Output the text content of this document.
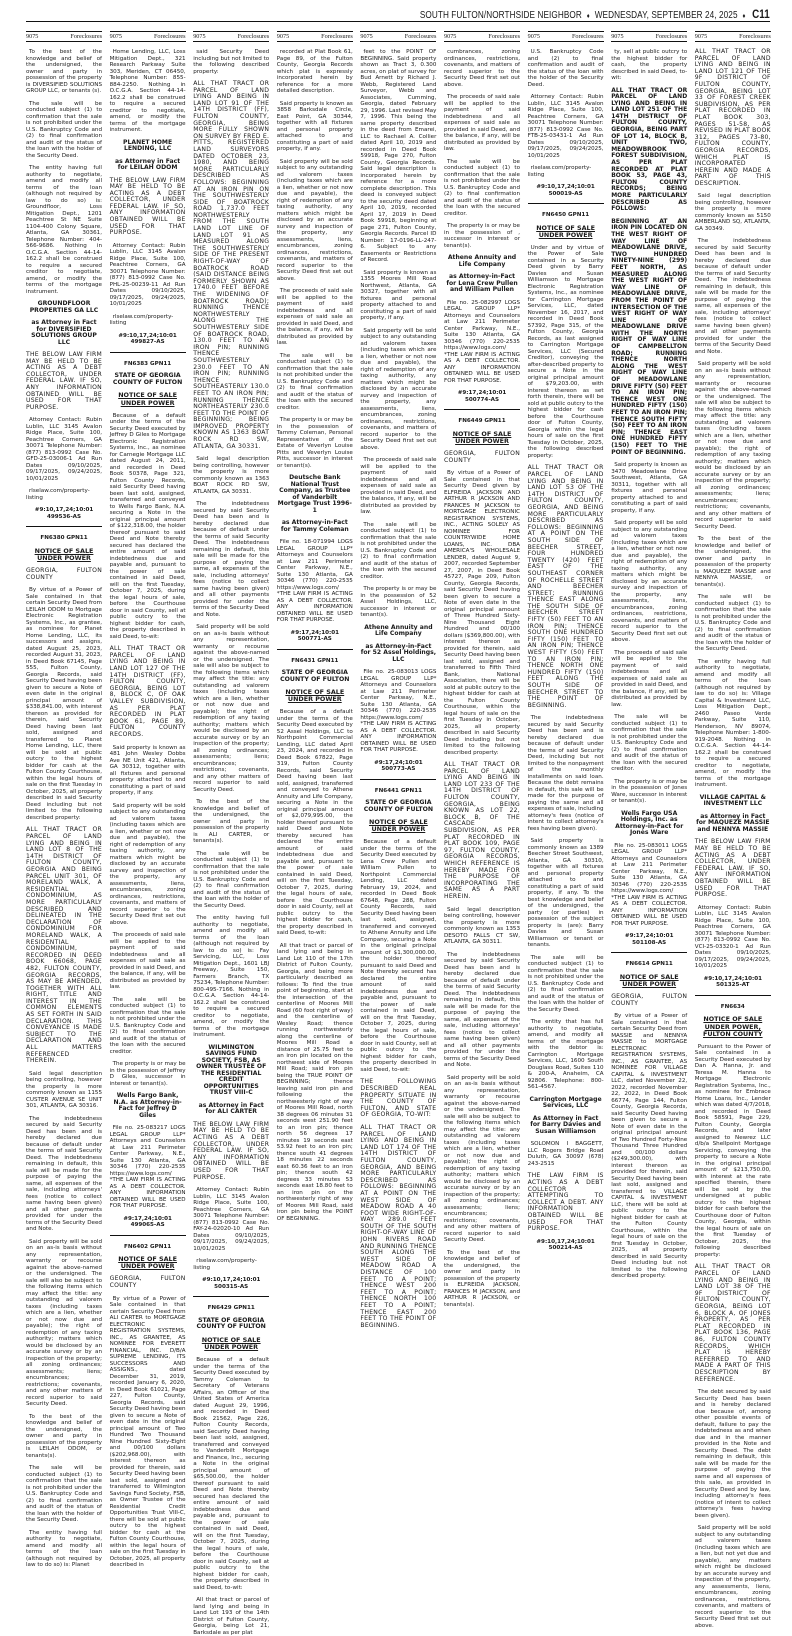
SOUTH FULTON/NORTHSIDE NEIGHBOR ♦ WEDNESDAY, SEPTEMBER 24, 2025 ♦ C11
9075	Foreclosures

To the best of the knowledge and belief of the undersigned, the owner and party in possession of the property is DIVERSIFIED SOLUTIONS GROUP LLC, or tenants (s).

The sale will be conducted subject (1) to confirmation that the sale is not prohibited under the U.S. Bankruptcy Code and (2) to final confirmation and audit of the status of the loan with the holder of the Security Deed.

The entity having full authority to negotiate, amend and modify all terms of the loan (although not required by law to do so) is: Groundfloor, Loss Mitigation Dept., 1201 Peachtree St NE Suite 1104-400 Colony Square, Atlanta, GA 30361, Telephone Number: 404-566-9686. Nothing in O.C.G.A. Section 44-14-162.2 shall be construed to require a secured creditor to negotiate, amend, or modify the terms of the mortgage instrument.

GROUNDFLOOR PROPERTIES GA LLC

as Attorney in Fact for DIVERSIFIED SOLUTIONS GROUP LLC

THE BELOW LAW FIRM MAY BE HELD TO BE ACTING AS A DEBT COLLECTOR, UNDER FEDERAL LAW. IF SO, ANY INFORMATION OBTAINED WILL BE USED FOR THAT PURPOSE.

Attorney Contact: Rubin Lublin, LLC 3145 Avalon Ridge Place, Suite 100, Peachtree Corners, GA 30071 Telephone Number: (877) 813-0992 Case No. GFD-25-03006-1 Ad Run Dates 09/10/2025, 09/17/2025, 09/24/2025, 10/01/2025

rlselaw.com/property-listing

#9:10,17,24;10:01 499536-AS

FN6380 GPN11

NOTICE OF SALE UNDER POWER

GEORGIA, FULTON COUNTY

By virtue of a Power of Sale contained in that certain Security Deed from LEILAH ODOM to Mortgage Electronic Registration Systems, Inc., as grantee, as nominee for Planet Home Lending, LLC, its successors and assigns, dated August 25, 2023, recorded August 31, 2023, in Deed Book 67145, Page 555, Fulton County, Georgia Records, said Security Deed having been given to secure a Note of even date in the original principal amount of $338,841.00, with interest thereon as provided for therein, said Security Deed having been last sold, assigned and transferred to Planet Home Lending, LLC, there will be sold at public outcry to the highest bidder for cash at the Fulton County Courthouse, within the legal hours of sale on the first Tuesday in October, 2025, all property described in said Security Deed including but not limited to the following described property:

ALL THAT TRACT OR PARCEL OF LAND LYING AND BEING IN LAND LOT 8 OF THE 14TH DISTRICT OF FULTON COUNTY, GEORGIA AND BEING PARCEL UNIT 301, OF MORELAND WALK, A RESIDENTIAL CONDOMINIUM, AS MORE PARTICULARLY DESCRIBED AND DELINEATED IN THE DECLARATION OF CONDOMINIUM FOR MORELAND WALK, A RESIDENTIAL CONDOMINIUM, RECORDED IN DEED BOOK 66068, PAGE 482, FULTON COUNTY, GEORGIA RECORDS, AS MAY BE AMENDED, TOGETHER WITH ALL RIGHT, TITLE AND INTEREST IN THE COMMON ELEMENTS AS SET FORTH IN SAID DECLARATION. THIS CONVEYANCE IS MADE SUBJECT TO THE DECLARATION AND ALL MATTERS REFERENCED THEREIN.

Said legal description being controlling, however the property is more commonly known as 1155 CUSTER AVENUE SE UNIT 301, ATLANTA, GA 30316.

The indebtedness secured by said Security Deed has been and is hereby declared due because of default under the terms of said Security Deed. The indebtedness remaining in default, this sale will be made for the purpose of paying the same, all expenses of the sale, including attorneys' fees (notice to collect same having been given) and all other payments provided for under the terms of the Security Deed and Note.

Said property will be sold on an as-is basis without any representation, warranty or recourse against the above-named or the undersigned. The sale will also be subject to the following items which may affect the title: any outstanding ad valorem taxes (including taxes which are a lien, whether or not now due and payable); the right of redemption of any taxing authority; matters which would be disclosed by an accurate survey or by an inspection of the property; all zoning ordinances; assessments; liens; encumbrances; restrictions; covenants, and any other matters of record superior to said Security Deed.

To the best of the knowledge and belief of the undersigned, the owner and party in possession of the property is LEILAH ODOM, or tenants(s).

The sale will be conducted subject (1) to confirmation that the sale is not prohibited under the U.S. Bankruptcy Code and (2) to final confirmation and audit of the status of the loan with the holder of the Security Deed.

The entity having full authority to negotiate, amend and modify all terms of the loan (although not required by law to do so) is: Planet

9075	Foreclosures

Home Lending, LLC, Loss Mitigation Dept., 321 Research Parkway Suite 303, Meriden, CT 06450, Telephone Number: 855-884-2250. Nothing in O.C.G.A. Section 44-14-162.2 shall be construed to require a secured creditor to negotiate, amend, or modify the terms of the mortgage instrument.

PLANET HOME LENDING, LLC

as Attorney in Fact for LEILAH ODOM

THE BELOW LAW FIRM MAY BE HELD TO BE ACTING AS A DEBT COLLECTOR, UNDER FEDERAL LAW. IF SO, ANY INFORMATION OBTAINED WILL BE USED FOR THAT PURPOSE.

Attorney Contact: Rubin Lublin, LLC 3145 Avalon Ridge Place, Suite 100, Peachtree Corners, GA 30071 Telephone Number: (877) 813-0992 Case No. PHL-25-00239-11 Ad Run Dates 09/10/2025, 09/17/2025, 09/24/2025, 10/01/2025

rlselaw.com/property-listing

#9:10,17,24;10:01 499827-AS

FN6383 GPN11

STATE OF GEORGIA COUNTY OF FULTON

NOTICE OF SALE UNDER POWER

Because of a default under the terms of the Security Deed executed by Jeffrey D Giles to Mortgage Electronic Registration Systems, Inc., as nominee for Carnegie Mortgage LLC dated August 24, 2011, and recorded in Deed Book 50378, Page 321, Fulton County Records, said Security Deed having been last sold, assigned, transferred and conveyed to Wells Fargo Bank, N.A. securing a Note in the original principal amount of $122,318.00, the holder thereof pursuant to said Deed and Note thereby secured has declared the entire amount of said indebtedness due and payable and, pursuant to the power of sale contained in said Deed, will on the first Tuesday, October 7, 2025, during the legal hours of sale, before the Courthouse door in said County, sell at public outcry to the highest bidder for cash, the property described in said Deed, to-wit:

ALL THAT TRACT OR PARCEL OF LAND LYING AND BEING IN LAND LOT 127 OF THE 14TH DISTRICT (FF), FULTON COUNTY, GEORGIA, BEING LOT 8, BLOCK C, OF OAK VALLEY SUBDIVISION, AS PER PLAT RECORDED IN PLAT BOOK 61, PAGE 89, FULTON COUNTY RECORDS.

Said property is known as 481 John Wesley Dobbs Ave NE Unit 421, Atlanta, GA 30312, together with all fixtures and personal property attached to and constituting a part of said property, if any.

Said property will be sold subject to any outstanding ad valorem taxes (including taxes which are a lien, whether or not now due and payable), the right of redemption of any taxing authority, any matters which might be disclosed by an accurate survey and inspection of the property, any assessments, liens, encumbrances, zoning ordinances, restrictions, covenants, and matters of record superior to the Security Deed first set out above.

The proceeds of said sale will be applied to the payment of said indebtedness and all expenses of said sale as provided in said Deed, and the balance, if any, will be distributed as provided by law.

The sale will be conducted subject (1) to confirmation that the sale is not prohibited under the U.S. Bankruptcy Code and (2) to final confirmation and audit of the status of the loan with the secured creditor.

The property is or may be in the possession of Jeffrey D Giles, successor in interest or tenant(s).

Wells Fargo Bank, N.A. as Attorney-in-Fact for Jeffrey D Giles

File no. 25-083217 LOGS LEGAL GROUP LLP* Attorneys and Counselors at Law 211 Perimeter Center Parkway, N.E., Suite 130 Atlanta, GA 30346 (770) 220-2535 https://www.logs.com/ *THE LAW FIRM IS ACTING AS A DEBT COLLECTOR. ANY INFORMATION OBTAINED WILL BE USED FOR THAT PURPOSE.

#9:17,24;10:01 499065-AS

FN6402 GPN11

NOTICE OF SALE UNDER POWER

GEORGIA, FULTON COUNTY

By virtue of a Power of Sale contained in that certain Security Deed from ALI CARTER to MORTGAGE ELECTRONIC REGISTRATION SYSTEMS, INC., AS GRANTEE, AS NOMINEE FOR EVERETT FINANCIAL, INC. D/B/A SUPREME LENDING, ITS SUCCESSORS AND ASSIGNS., dated December 31, 2019, recorded January 6, 2020, in Deed Book 61021, Page 227, Fulton County, Georgia Records, said Security Deed having been given to secure a Note of even date in the original principal amount of Two Hundred Two Thousand Nine Hundred Sixty-Eight and 00/100 dollars ($202,968.00), with interest thereon as provided for therein, said Security Deed having been last sold, assigned and transferred to Wilmington Savings Fund Society, FSB, as Owner Trustee of the Residential Credit Opportunities Trust VIII-C, there will be sold at public outcry to the highest bidder for cash at the Fulton County Courthouse, within the legal hours of sale on the first Tuesday in October, 2025, all property described in

9075	Foreclosures

said Security Deed including but not limited to the following described property:

ALL THAT TRACT OR PARCEL OF LAND LYING AND BEING IN LAND LOT 91 OF THE 14TH DISTRICT (FF), FULTON COUNTY, GEORGIA, BEING MORE FULLY SHOWN ON SURVEY BY FRED E. PITTS, REGISTERED LAND SURVEYORS DATED OCTOBER 23, 1980, AND BEING MORE PARTICULARLY DESCRIBED AS FOLLOWS: BEGINNING AT AN IRON PIN ON THE SOUTHWESTERLY SIDE OF BOATROCK ROAD 1,737.0 FEET NORTHWESTERLY FROM THE SOUTH LAND LOT LINE OF LAND LOT 91 AS MEASURED ALONG THE SOUTHWESTERLY SIDE OF THE PRESENT RIGHT-OF-WAY OF BOATROCK ROAD (SAID DISTANCE BEING FORMERLY SHOWN AS 1740.0 FEET BEFORE THE WIDENING OF BOATROCK ROAD); RUNNING THENCE NORTHWESTERLY ALONG THE SOUTHWESTERLY SIDE OF BOATROCK ROAD, 130.0 FEET TO AN IRON PIN; RUNNING THENCE SOUTHWESTERLY 230.0 FEET TO AN IRON PIN; RUNNING THENCE SOUTHEASTERLY 130.0 FEET TO AN IRON PIN; RUNNING THENCE NORTHEASTERLY 230.0 FEET TO THE POINT OF BEGINNING; BEING IMPROVED PROPERTY KNOWN AS 1363 BOAT ROCK RD SW, ATLANTA, GA 30331.

Said legal description being controlling, however the property is more commonly known as 1363 BOAT ROCK RD SW, ATLANTA, GA 30331.

The indebtedness secured by said Security Deed has been and is hereby declared due because of default under the terms of said Security Deed. The indebtedness remaining in default, this sale will be made for the purpose of paying the same, all expenses of the sale, including attorneys' fees (notice to collect same having been given) and all other payments provided for under the terms of the Security Deed and Note.

Said property will be sold on an as-is basis without any representation, warranty or recourse against the above-named or the undersigned. The sale will also be subject to the following items which may affect the title: any outstanding ad valorem taxes (including taxes which are a lien, whether or not now due and payable); the right of redemption of any taxing authority; matters which would be disclosed by an accurate survey or by an inspection of the property; all zoning ordinances; assessments; liens; encumbrances; restrictions; covenants, and any other matters of record superior to said Security Deed.

To the best of the knowledge and belief of the undersigned, the owner and party in possession of the property is ALI CARTER, or tenants(s).

The sale will be conducted subject (1) to confirmation that the sale is not prohibited under the U.S. Bankruptcy Code and (2) to final confirmation and audit of the status of the loan with the holder of the Security Deed.

The entity having full authority to negotiate, amend and modify all terms of the loan (although not required by law to do so) is: Fay Servicing, LLC, Loss Mitigation Dept., 1601 LBJ Freeway, Suite 150, Farmers Branch, TX 75234, Telephone Number: 800-495-7166. Nothing in O.C.G.A. Section 44-14-162.2 shall be construed to require a secured creditor to negotiate, amend, or modify the terms of the mortgage instrument.

WILMINGTON SAVINGS FUND SOCIETY, FSB, AS OWNER TRUSTEE OF THE RESIDENTIAL CREDIT OPPORTUNITIES TRUST VIII-C

as Attorney in Fact for ALI CARTER

THE BELOW LAW FIRM MAY BE HELD TO BE ACTING AS A DEBT COLLECTOR, UNDER FEDERAL LAW. IF SO, ANY INFORMATION OBTAINED WILL BE USED FOR THAT PURPOSE.

Attorney Contact: Rubin Lublin, LLC 3145 Avalon Ridge Place, Suite 100, Peachtree Corners, GA 30071 Telephone Number: (877) 813-0992 Case No. FAY-24-02020-10 Ad Run Dates 09/10/2025, 09/17/2025, 09/24/2025, 10/01/2025

rlselaw.com/property-listing

#9:10,17,24;10:01 500315-AS

FN6429 GPN11

STATE OF GEORGIA COUNTY OF FULTON

NOTICE OF SALE UNDER POWER

Because of a default under the terms of the Security Deed executed by Tammy Coleman to Secretary of Veterans Affairs, an Officer of the United States of America dated August 29, 1996, and recorded in Deed Book 21562, Page 226, Fulton County Records, said Security Deed having been last sold, assigned, transferred and conveyed to Vanderbilt Mortgage and Finance, Inc., securing a Note in the original principal amount of $65,500.00, the holder thereof pursuant to said Deed and Note thereby secured has declared the entire amount of said indebtedness due and payable and, pursuant to the power of sale contained in said Deed, will on the first Tuesday, October 7, 2025, during the legal hours of sale, before the Courthouse door in said County, sell at public outcry to the highest bidder for cash, the property described in said Deed, to-wit:

All that tract or parcel of land lying and being in Land Lot 193 of the 14th District of Fulton County, Georgia, being Lot 21, Barksdale as per plat

9075	Foreclosures

recorded at Plat Book 61, Page 89, of the Fulton County, Georgia Records which plat is expressly incorporated herein by reference for a more detailed description.

Said property is known as 3858 Barksdale Circle, East Point, GA 30344, together with all fixtures and personal property attached to and constituting a part of said property, if any.

Said property will be sold subject to any outstanding ad valorem taxes (including taxes which are a lien, whether or not now due and payable), the right of redemption of any taxing authority, any matters which might be disclosed by an accurate survey and inspection of the property, any assessments, liens, encumbrances, zoning ordinances, restrictions, covenants, and matters of record superior to the Security Deed first set out above.

The proceeds of said sale will be applied to the payment of said indebtedness and all expenses of said sale as provided in said Deed, and the balance, if any, will be distributed as provided by law.

The sale will be conducted subject (1) to confirmation that the sale is not prohibited under the U.S. Bankruptcy Code and (2) to final confirmation and audit of the status of the loan with the secured creditor.

The property is or may be in the possession of Tammy Coleman, Personal Representative of the Estate of Veverlyn Louise Pitts and Veverlyn Louise Pitts, successor in interest or tenant(s).

Deutsche Bank National Trust Company, as Trustee of Vanderbilt Mortgage Trust 1996-1

as Attorney-in-Fact for Tammy Coleman

File no. 18-071994 LOGS LEGAL GROUP LLP* Attorneys and Counselors at Law 211 Perimeter Center Parkway, N.E., Suite 130 Atlanta, GA 30346 (770) 220-2535 https://www.logs.com/ *THE LAW FIRM IS ACTING AS A DEBT COLLECTOR. ANY INFORMATION OBTAINED WILL BE USED FOR THAT PURPOSE.

#9:17,24;10:01 500771-AS

FN6431 GPN11

STATE OF GEORGIA COUNTY OF FULTON

NOTICE OF SALE UNDER POWER

Because of a default under the terms of the Security Deed executed by 52 Assel Holdings, LLC to Northpoint Commercial Lending, LLC dated April 23, 2024, and recorded in Deed Book 67822, Page 319, Fulton County Records, said Security Deed having been last sold, assigned, transferred and conveyed to Athene Annuity and Life Company, securing a Note in the original principal amount of $2,079,995.00, the holder thereof pursuant to said Deed and Note thereby secured has declared the entire amount of said indebtedness due and payable and, pursuant to the power of sale contained in said Deed, will on the first Tuesday, October 7, 2025, during the legal hours of sale, before the Courthouse door in said County, sell at public outcry to the highest bidder for cash, the property described in said Deed, to-wit:

All that tract or parcel of land lying and being in Land Lot 110 of the 17th District of Fulton County, Georgia, and being more particularly described as follows: To find the true point of beginning, start at the intersection of the centerline of Moores Mill Road (60 foot right of way) and the centerline of Wesley Road; thence running northwesterly along the centerline of Moores Mill Road a distance of 25.75 feet to an iron pin located on the northwest side of Moores Mill Road; said iron pin being the TRUE POINT OF BEGINNING; thence leaving said iron pin and following the northwesterly right of way of Moores Mill Road, north 38 degrees 06 minutes 31 seconds west 251.90 feet to an iron pin; thence north 56 degrees 17 minutes 19 seconds east 53.92 feet to an iron pin; thence south 41 degrees 18 minutes 22 seconds east 60.36 feet to an iron pin; thence south 42 degrees 33 minutes 53 seconds east 18.80 feet to an iron pin on the northwesterly right of way of Moores Mill Road, said iron pin being the POINT OF BEGINNING.

9075	Foreclosures

feet to the POINT OF BEGINNING. Said property shown as Tract 3, 0.300 acres, on plat of survey for Bud Arnett by Richard J. Webb, Registered Land Surveyor, Webb and Associates, Cumming, Georgia, dated February 29, 1996. Last revised May 7, 1996. This being the same property described in the deed from Emarei, LLC to Rachael A. Collier dated April 10, 2019 and recorded in Deed Book 59918, Page 270, Fulton County, Georgia Records. Said legal description is incorporated herein by reference for a more complete description. This deed is conveyed subject to the security deed dated April 10, 2019, recorded April 17, 2019 in Deed Book 59918, beginning at page 271, Fulton County, Georgia Records. Parcel ID Number: 17-0196-LL-247-6. Subject to any Easements or Restrictions of Record.

Said property is known as 1355 Moores Mill Road Northwest, Atlanta, GA 30327, together with all fixtures and personal property attached to and constituting a part of said property, if any.

Said property will be sold subject to any outstanding ad valorem taxes (including taxes which are a lien, whether or not now due and payable), the right of redemption of any taxing authority, any matters which might be disclosed by an accurate survey and inspection of the property, any assessments, liens, encumbrances, zoning ordinances, restrictions, covenants, and matters of record superior to the Security Deed first set out above.

The proceeds of said sale will be applied to the payment of said indebtedness and all expenses of said sale as provided in said Deed, and the balance, if any, will be distributed as provided by law.

The sale will be conducted subject (1) to confirmation that the sale is not prohibited under the U.S. Bankruptcy Code and (2) to final confirmation and audit of the status of the loan with the secured creditor.

The property is or may be in the possession of 52 Assel Holdings, LLC, successor in interest or tenant(s).

Athene Annuity and Life Company

as Attorney-in-Fact for 52 Assel Holdings, LLC

File no. 25-083013 LOGS LEGAL GROUP LLP* Attorneys and Counselors at Law 211 Perimeter Center Parkway, N.E., Suite 130 Atlanta, GA 30346 (770) 220-2535 https://www.logs.com/ *THE LAW FIRM IS ACTING AS A DEBT COLLECTOR. ANY INFORMATION OBTAINED WILL BE USED FOR THAT PURPOSE.

#9:17,24;10:01 500773-AS

FN6441 GPN11

STATE OF GEORGIA COUNTY OF FULTON

NOTICE OF SALE UNDER POWER

Because of a default under the terms of the Security Deed executed by Lena Crew Pullen and William Pullen to Northpoint Commercial Lending, LLC dated February 19, 2024, and recorded in Deed Book 67648, Page 288, Fulton County Records, said Security Deed having been last sold, assigned, transferred and conveyed to Athene Annuity and Life Company, securing a Note in the original principal amount of $1,300,000.00, the holder thereof pursuant to said Deed and Note thereby secured has declared the entire amount of said indebtedness due and payable and, pursuant to the power of sale contained in said Deed, will on the first Tuesday, October 7, 2025, during the legal hours of sale, before the Courthouse door in said County, sell at public outcry to the highest bidder for cash, the property described in said Deed, to-wit:

THE FOLLOWING DESCRIBED REAL PROPERTY SITUATE IN THE COUNTY OF FULTON, AND STATE OF GEORGIA, TO-WIT:

ALL THAT TRACT OR PARCEL OF LAND LYING AND BEING IN LAND LOT 174 OF THE 14TH DISTRICT OF FULTON COUNTY, GEORGIA, AND BEING MORE PARTICULARLY DESCRIBED AS FOLLOWS: BEGINNING AT A POINT ON THE WEST SIDE OF MEADOW ROAD A 40 FOOT WIDE RIGHT-OF-WAY 289.0 FEET SOUTH OF THE SOUTH RIGHT-OF-WAY LINE OF JOHN RIVERS ROAD AND RUNNING THENCE SOUTH ALONG THE WEST SIDE OF MEADOW ROAD A DISTANCE OF 100 FEET TO A POINT; THENCE WEST 200 FEET TO A POINT; THENCE NORTH 100 FEET TO A POINT; THENCE EAST 200 FEET TO THE POINT OF BEGINNING.

9075	Foreclosures

cumbrances, zoning ordinances, restrictions, covenants, and matters of record superior to the Security Deed first set out above.

The proceeds of said sale will be applied to the payment of said indebtedness and all expenses of said sale as provided in said Deed, and the balance, if any, will be distributed as provided by law.

The sale will be conducted subject (1) to confirmation that the sale is not prohibited under the U.S. Bankruptcy Code and (2) to final confirmation and audit of the status of the loan with the secured creditor.

The property is or may be in the possession of , successor in interest or tenant(s).

Athene Annuity and Life Company

as Attorney-in-Fact for Lena Crew Pullen and William Pullen

File no. 25-082997 LOGS LEGAL GROUP LLP* Attorneys and Counselors at Law 211 Perimeter Center Parkway, N.E., Suite 130 Atlanta, GA 30346 (770) 220-2535 https://www.logs.com/ *THE LAW FIRM IS ACTING AS A DEBT COLLECTOR. ANY INFORMATION OBTAINED WILL BE USED FOR THAT PURPOSE.

#9:17,24;10:01 500774-AS

FN6449 GPN11

NOTICE OF SALE UNDER POWER

GEORGIA, FULTON COUNTY

By virtue of a Power of Sale contained in that Security Deed given by ELFREIDA JACKSON AND ARTHUR R JACKSON AND FRANCES M JACKSON to MORTGAGE ELECTRONIC REGISTRATION SYSTEMS, INC., ACTING SOLELY AS NOMINEE FOR COUNTRYWIDE HOME LOANS, INC. DBA AMERICA'S WHOLESALE LENDER, dated August 9, 2007, recorded September 27, 2007, in Deed Book 45727, Page 209, Fulton County, Georgia Records, said Security Deed having been given to secure a Note of even date in the original principal amount of Three Hundred Sixty-Nine Thousand Eight Hundred and 00/100 dollars ($369,800.00), with interest thereon as provided for therein, said Security Deed having been last sold, assigned and transferred to Fifth Third Bank, National Association, there will be sold at public outcry to the highest bidder for cash at the Fulton County Courthouse, within the legal hours of sale on the first Tuesday in October, 2025, all property described in said Security Deed including but not limited to the following described property:

ALL THAT TRACT OR PARCEL OF LAND LYING AND BEING IN LAND LOT 233 OF THE 14TH DISTRICT OF FULTON COUNTY, GEORGIA, BEING KNOWN AS LOT 22, BLOCK B, OF THE CASCADE SUBDIVISION, AS PER PLAT RECORDED IN PLAT BOOK 109, PAGE 97, FULTON COUNTY, GEORGIA RECORDS, WHICH REFERENCE IS HEREBY MADE FOR THE PURPOSE OF INCORPORATING THE SAME AS A PART HEREIN.

Said legal description being controlling, however the property is more commonly known as 1353 DESOTO FALLS CT SW, ATLANTA, GA 30311.

The indebtedness secured by said Security Deed has been and is hereby declared due because of default under the terms of said Security Deed. The indebtedness remaining in default, this sale will be made for the purpose of paying the same, all expenses of the sale, including attorneys' fees (notice to collect same having been given) and all other payments provided for under the terms of the Security Deed and Note.

Said property will be sold on an as-is basis without any representation, warranty or recourse against the above-named or the undersigned. The sale will also be subject to the following items which may affect the title: any outstanding ad valorem taxes (including taxes which are a lien, whether or not now due and payable); the right of redemption of any taxing authority; matters which would be disclosed by an accurate survey or by an inspection of the property; all zoning ordinances; assessments; liens; encumbrances; restrictions; covenants, and any other matters of record superior to said Security Deed.

To the best of the knowledge and belief of the undersigned, the owner and party in possession of the property is ELFREIDA JACKSON, FRANCES M JACKSON, and ARTHUR R JACKSON, or tenants(s).

9075	Foreclosures

U.S. Bankruptcy Code and (2) to final confirmation and audit of the status of the loan with the holder of the Security Deed.

Attorney Contact: Rubin Lublin, LLC 3145 Avalon Ridge Place, Suite 100, Peachtree Corners, GA 30071 Telephone Number: (877) 813-0992 Case No. FTB-25-03431-1 Ad Run Dates 09/10/2025, 09/17/2025, 09/24/2025, 10/01/2025

rlselaw.com/property-listing

#9:10,17,24;10:01 500019-AS

FN6450 GPN11

NOTICE OF SALE UNDER POWER

Under and by virtue of the Power of Sale contained in a Security Deed given by Barry Davies and Susan Williamson to Mortgage Electronic Registration Systems, Inc., as nominee for Carrington Mortgage Services, LLC, dated November 16, 2017, and recorded in Deed Book 57392, Page 315, of the Fulton County, Georgia Records, as last assigned to Carrington Mortgage Services, LLC (Secured Creditor), conveying the after-described property to secure a Note in the original principal amount of $79,203.00, with interest thereon as set forth therein, there will be sold at public outcry to the highest bidder for cash before the Courthouse door of Fulton County, Georgia within the legal hours of sale on the first Tuesday in October, 2025, the following described property:

ALL THAT TRACT OR PARCEL OF LAND LYING AND BEING IN LAND LOT 53 OF THE 14TH DISTRICT OF FULTON COUNTY, GEORGIA, AND BEING MORE PARTICULARLY DESCRIBED AS FOLLOWS: BEGINNING AT A POINT ON THE SOUTH SIDE OF BEECHER STREET, FOUR HUNDRED TWENTY (420) FEET EAST OF THE SOUTHEAST CORNER OF ROCHELLE STREET AND BEECHER STREET; RUNNING THENCE EAST ALONG THE SOUTH SIDE OF BEECHER STREET FIFTY (50) FEET TO AN IRON PIN; THENCE SOUTH ONE HUNDRED FIFTY (150) FEET TO AN IRON PIN; THENCE WEST FIFTY (50) FEET TO AN IRON PIN; THENCE NORTH ONE HUNDRED FIFTY (150) FEET ALONG THE SOUTH SIDE OF BEECHER STREET TO THE POINT OF BEGINNING.

The indebtedness secured by said Security Deed has been and is hereby declared due because of default under the terms of said Security Deed, including but not limited to the nonpayment of the monthly installments on said loan. Because the debt remains in default, this sale will be made for the purpose of paying the same and all expenses of sale, including attorney's fees (notice of intent to collect attorney's fees having been given).

Said property is commonly known as 1389 Beecher Street Southwest, Atlanta, GA 30310, together with all fixtures and personal property attached to and constituting a part of said property, if any. To the best knowledge and belief of the undersigned, the party (or parties) in possession of the subject property is (are): Barry Davies and Susan Williamson or tenant or tenants.

The sale will be conducted subject (1) to confirmation that the sale is not prohibited under the U.S. Bankruptcy Code and (2) to final confirmation and audit of the status of the loan with the holder of the Security Deed.

The entity that has full authority to negotiate, amend, and modify all terms of the mortgage with the debtor is: Carrington Mortgage Services, LLC, 1600 South Douglass Road, Suites 110 & 200-A, Anaheim, CA 92806. Telephone: 800-561-4567.

Carrington Mortgage Services, LLC

As Attorney in Fact for Barry Davies and Susan Williamson

SOLOMON I BAGGETT, LLC Rogers Bridge Road Duluth, GA 30097 (678) 243-2515

THE LAW FIRM IS ACTING AS A DEBT COLLECTOR ATTEMPTING TO COLLECT A DEBT. ANY INFORMATION OBTAINED WILL BE USED FOR THAT PURPOSE.

#9:10,17,24;10:01 500214-AS

9075	Foreclosures

ty, sell at public outcry to the highest bidder for cash, the property described in said Deed, to-wit:

ALL THAT TRACT OR PARCEL OF LAND LYING AND BEING IN LAND LOT 251 OF THE 14TH DISTRICT OF FULTON COUNTY, GEORGIA, BEING PART OF LOT 14, BLOCK B, UNIT TWO, MEADOWBROOK FOREST SUBDIVISION, AS PER PLAT RECORDED AT PLAT BOOK 53, PAGE 43, FULTON COUNTY RECORDS; BEING MORE PARTICULARLY DESCRIBED AS FOLLOWS:

BEGINNING AT AN IRON PIN LOCATED ON THE WEST RIGHT OF WAY LINE OF MEADOWLANE DRIVE, TWO HUNDRED NINETY-NINE (299) FEET NORTH, AS MEASURED ALONG THE WEST RIGHT OF WAY LINE OF MEADOWLANE DRIVE, FROM THE POINT OF INTERSECTION OF THE WEST RIGHT OF WAY LINE OF MEADOWLANE DRIVE WITH THE NORTH RIGHT OF WAY LINE OF CAMPBELLTON ROAD; RUNNING THENCE NORTH ALONG THE WEST RIGHT OF WAY LINE OF MEADOWLANE DRIVE FIFTY (50) FEET TO AN IRON PIN; THENCE WEST ONE HUNDRED FIFTY (150) FEET TO AN IRON PIN; THENCE SOUTH FIFTY (50) FEET TO AN IRON PIN; THENCE EAST ONE HUNDRED FIFTY (150) FEET TO THE POINT OF BEGINNING.

Said property is known as 3470 Meadowlane Drive Southwest, Atlanta, GA 30311, together with all fixtures and personal property attached to and constituting a part of said property, if any.

Said property will be sold subject to any outstanding ad valorem taxes (including taxes which are a lien, whether or not now due and payable), the right of redemption of any taxing authority, any matters which might be disclosed by an accurate survey and inspection of the property, any assessments, liens, encumbrances, zoning ordinances, restrictions, covenants, and matters of record superior to the Security Deed first set out above.

The proceeds of said sale will be applied to the payment of said indebtedness and all expenses of said sale as provided in said Deed, and the balance, if any, will be distributed as provided by law.

The sale will be conducted subject (1) to confirmation that the sale is not prohibited under the U.S. Bankruptcy Code and (2) to final confirmation and audit of the status of the loan with the secured creditor.

The property is or may be in the possession of Jones Ware, successor in interest or tenant(s).

Wells Fargo USA Holdings, Inc. as Attorney-in-Fact for Jones Ware

File no. 25-083011 LOGS LEGAL GROUP LLP* Attorneys and Counselors at Law 211 Perimeter Center Parkway, N.E., Suite 130 Atlanta, GA 30346 (770) 220-2535 https://www.logs.com/ *THE LAW FIRM IS ACTING AS A DEBT COLLECTOR. ANY INFORMATION OBTAINED WILL BE USED FOR THAT PURPOSE.

#9:17,24;10:01 501108-AS

FN6614 GPN11

NOTICE OF SALE UNDER POWER

GEORGIA, FULTON COUNTY

By virtue of a Power of Sale contained in that certain Security Deed from MASSIE and NENNYA MASSIE to MORTGAGE ELECTRONIC REGISTRATION SYSTEMS, INC., AS GRANTEE, AS NOMINEE FOR VILLAGE CAPITAL & INVESTMENT LLC, dated November 22, 2022, recorded November 22, 2022, in Deed Book 66774, Page 144, Fulton County, Georgia Records, said Security Deed having been given to secure a Note of even date in the original principal amount of Two Hundred Forty-Nine Thousand Three Hundred and 00/100 dollars ($249,300.00), with interest thereon as provided for therein, said Security Deed having been last sold, assigned and transferred to VILLAGE CAPITAL & INVESTMENT LLC, there will be sold at public outcry to the highest bidder for cash at the Fulton County Courthouse, within the legal hours of sale on the first Tuesday in October, 2025, all property described in said Security Deed including but not limited to the following described property:

9075	Foreclosures

ALL THAT TRACT OR PARCEL OF LAND LYING AND BEING IN LAND LOT 121 OF THE 9F DISTRICT OF FULTON COUNTY, GEORGIA, BEING LOT 33 OF FOREST CREEK SUBDIVISION, AS PER PLAT RECORDED IN PLAT BOOK 303, PAGES 51-58, AS REVISED IN PLAT BOOK 312, PAGES 73-80, FULTON COUNTY, GEORGIA RECORDS, WHICH PLAT IS INCORPORATED HEREIN AND MADE A PART OF THIS DESCRIPTION.

Said legal description being controlling, however the property is more commonly known as 5150 AMBERLAND SQ, ATLANTA, GA 30349.

The indebtedness secured by said Security Deed has been and is hereby declared due because of default under the terms of said Security Deed. The indebtedness remaining in default, this sale will be made for the purpose of paying the same, all expenses of the sale, including attorneys' fees (notice to collect same having been given) and all other payments provided for under the terms of the Security Deed and Note.

Said property will be sold on an as-is basis without any representation, warranty or recourse against the above-named or the undersigned. The sale will also be subject to the following items which may affect the title: any outstanding ad valorem taxes (including taxes which are a lien, whether or not now due and payable); the right of redemption of any taxing authority; matters which would be disclosed by an accurate survey or by an inspection of the property; all zoning ordinances; assessments; liens; encumbrances; restrictions; covenants, and any other matters of record superior to said Security Deed.

To the best of the knowledge and belief of the undersigned, the owner and party in possession of the property is MAQUEZE MASSIE and NENNYA MASSIE, or tenants(s).

The sale will be conducted subject (1) to confirmation that the sale is not prohibited under the U.S. Bankruptcy Code and (2) to final confirmation and audit of the status of the loan with the holder of the Security Deed.

The entity having full authority to negotiate, amend and modify all terms of the loan (although not required by law to do so) is: Village Capital & Investment LLC, Loss Mitigation Dept., 2460 Paseo Verde Parkway, Suite 110, Henderson, NV 89074, Telephone Number: 1-800-919-2048. Nothing in O.C.G.A. Section 44-14-162.2 shall be construed to require a secured creditor to negotiate, amend, or modify the terms of the mortgage instrument.

VILLAGE CAPITAL & INVESTMENT LLC

as Attorney in Fact for MAQUEZE MASSIE and NENNYA MASSIE

THE BELOW LAW FIRM MAY BE HELD TO BE ACTING AS A DEBT COLLECTOR, UNDER FEDERAL LAW. IF SO, ANY INFORMATION OBTAINED WILL BE USED FOR THAT PURPOSE.

Attorney Contact: Rubin Lublin, LLC 3145 Avalon Ridge Place, Suite 100, Peachtree Corners, GA 30071 Telephone Number: (877) 813-0992 Case No. VCI-25-03320-1 Ad Run Dates 09/10/2025, 09/17/2025, 09/24/2025, 10/01/2025

#9:10,17,24;10:01 501325-AT

FN6634

NOTICE OF SALE UNDER POWER, FULTON COUNTY

Pursuant to the Power of Sale contained in a Security Deed executed by Dan A. Hanna, Jr. and Teresa M. Hanna to Mortgage Electronic Registration Systems, Inc., as nominee for Embrace Home Loans, Inc., Lender which was dated 4/7/2018, and recorded in Deed Book 58591, Page 229, Fulton County, Georgia Records, and later assigned to Newrez LLC d/b/a Shellpoint Mortgage Servicing, conveying the property to secure a Note in the original principal amount of $213,750.00, with interest at the rate specified therein, there will be sold by the undersigned at public outcry to the highest bidder for cash before the Courthouse door of Fulton County, Georgia, within the legal hours of sale on the first Tuesday of October, 2025, the following described property:

ALL THAT TRACT OR PARCEL OF LAND LYING AND BEING IN LAND LOT 38 OF THE 9F DISTRICT OF FULTON COUNTY, GEORGIA, BEING LOT 6, BLOCK A, OF JONES PROPERTY, AS PER PLAT RECORDED IN PLAT BOOK 136, PAGE 86, FULTON COUNTY RECORDS, WHICH PLAT IS HEREBY REFERRED TO AND MADE A PART OF THIS DESCRIPTION BY REFERENCE.

The debt secured by said Security Deed has been and is hereby declared due because of, among other possible events of default, failure to pay the indebtedness as and when due and in the manner provided in the Note and Security Deed. The debt remaining in default, this sale will be made for the purpose of paying the same and all expenses of this sale, as provided in Security Deed and by law, including attorney's fees (notice of intent to collect attorney's fees having been given).

Said property will be sold subject to any outstanding ad valorem taxes (including taxes which are a lien, but not yet due and payable), any matters which might be disclosed by an accurate survey and inspection of the property, any assessments, liens, encumbrances, zoning ordinances, restrictions, covenants, and matters of record superior to the Security Deed first set out above.
